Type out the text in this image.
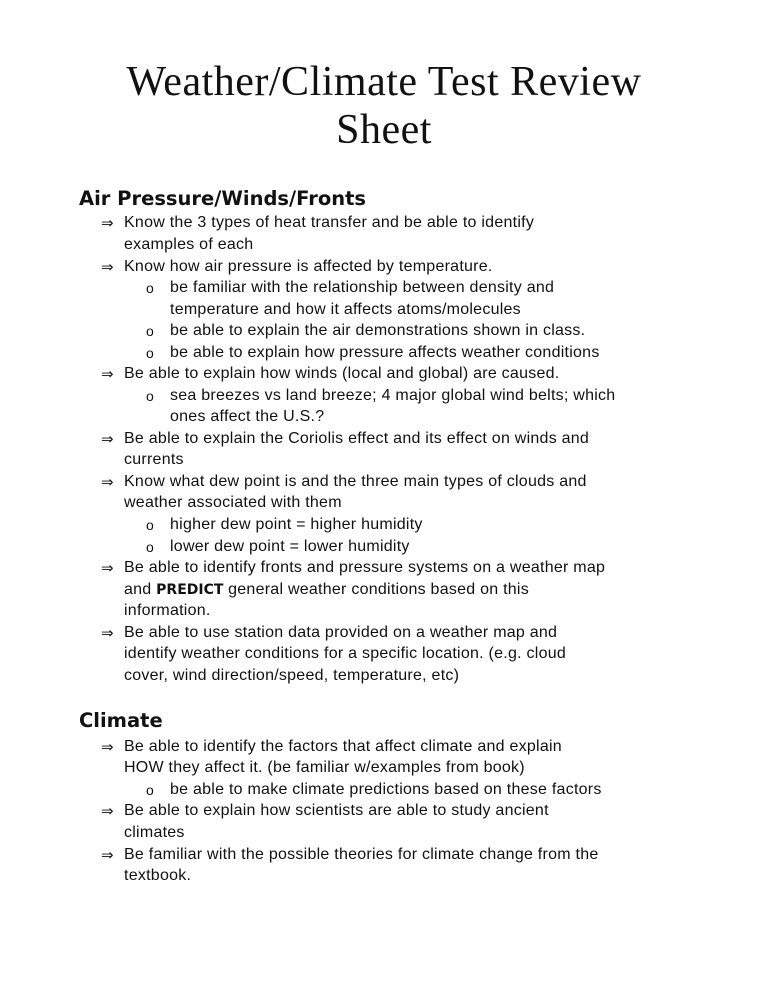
Weather/Climate Test Review
Sheet
Air Pressure/Winds/Fronts
⇒
⇒
⇒
⇒
⇒
⇒
⇒
o
o
o
o
o
o
Know the 3 types of heat transfer and be able to identify
examples of each
Know how air pressure is affected by temperature.
be familiar with the relationship between density and
temperature and how it affects atoms/molecules
be able to explain the air demonstrations shown in class.
be able to explain how pressure affects weather conditions
Be able to explain how winds (local and global) are caused.
sea breezes vs land breeze; 4 major global wind belts; which
ones affect the U.S.?
Be able to explain the Coriolis effect and its effect on winds and
currents
Know what dew point is and the three main types of clouds and
weather associated with them
higher dew point = higher humidity
lower dew point = lower humidity
Be able to identify fronts and pressure systems on a weather map
and PREDICT general weather conditions based on this
information.
Be able to use station data provided on a weather map and
identify weather conditions for a specific location. (e.g. cloud
cover, wind direction/speed, temperature, etc)
Climate
⇒
⇒
⇒
o
Be able to identify the factors that affect climate and explain
HOW they affect it. (be familiar w/examples from book)
be able to make climate predictions based on these factors
Be able to explain how scientists are able to study ancient
climates
Be familiar with the possible theories for climate change from the
textbook.
